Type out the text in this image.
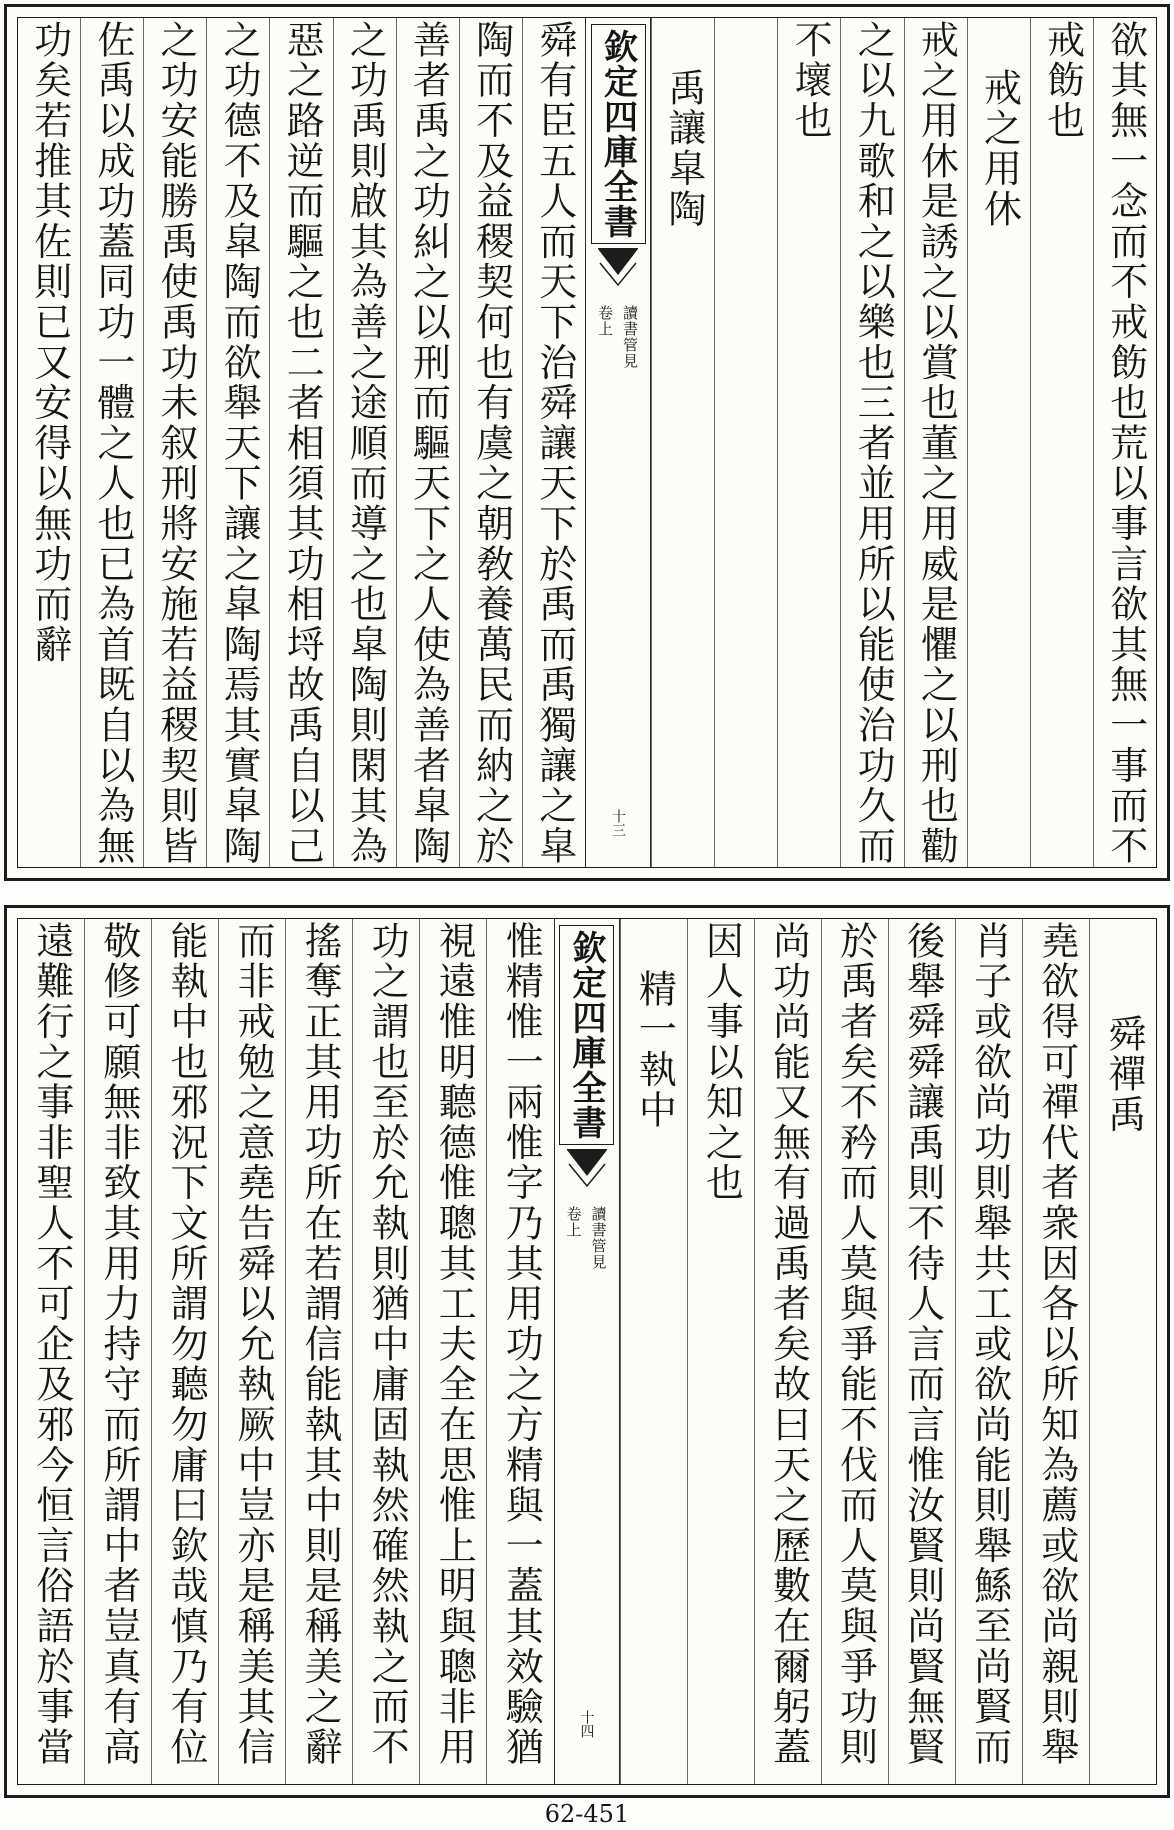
欲其無一念而不戒飭也荒以事言欲其無一事而不
戒飭也
戒之用休
戒之用休是誘之以賞也董之用威是懼之以刑也勸
之以九歌和之以樂也三者並用所以能使治功久而
不壞也
禹讓皐陶
欽定四庫全書
讀書管見
卷上
十三
舜有臣五人而天下治舜讓天下於禹而禹獨讓之皐
陶而不及益稷契何也有虞之朝敎養萬民而納之於
善者禹之功糾之以刑而驅天下之人使為善者皐陶
之功禹則啟其為善之途順而導之也皐陶則閑其為
惡之路逆而驅之也二者相須其功相埒故禹自以己
之功德不及皐陶而欲舉天下讓之皐陶焉其實皐陶
之功安能勝禹使禹功未叙刑將安施若益稷契則皆
佐禹以成功蓋同功一體之人也已為首既自以為無
功矣若推其佐則已又安得以無功而辭
舜禪禹
堯欲得可禪代者衆因各以所知為薦或欲尚親則舉
肖子或欲尚功則舉共工或欲尚能則舉鯀至尚賢而
後舉舜舜讓禹則不待人言而言惟汝賢則尚賢無賢
於禹者矣不矜而人莫與爭能不伐而人莫與爭功則
尚功尚能又無有過禹者矣故曰天之歷數在爾躬蓋
因人事以知之也
精一執中
欽定四庫全書
讀書管見
卷上
十四
惟精惟一兩惟字乃其用功之方精與一蓋其效驗猶
視遠惟明聽德惟聰其工夫全在思惟上明與聰非用
功之謂也至於允執則猶中庸固執然確然執之而不
搖奪正其用功所在若謂信能執其中則是稱美之辭
而非戒勉之意堯告舜以允執厥中豈亦是稱美其信
能執中也邪況下文所謂勿聽勿庸曰欽哉慎乃有位
敬修可願無非致其用力持守而所謂中者豈真有高
遠難行之事非聖人不可企及邪今恒言俗語於事當
62-451
